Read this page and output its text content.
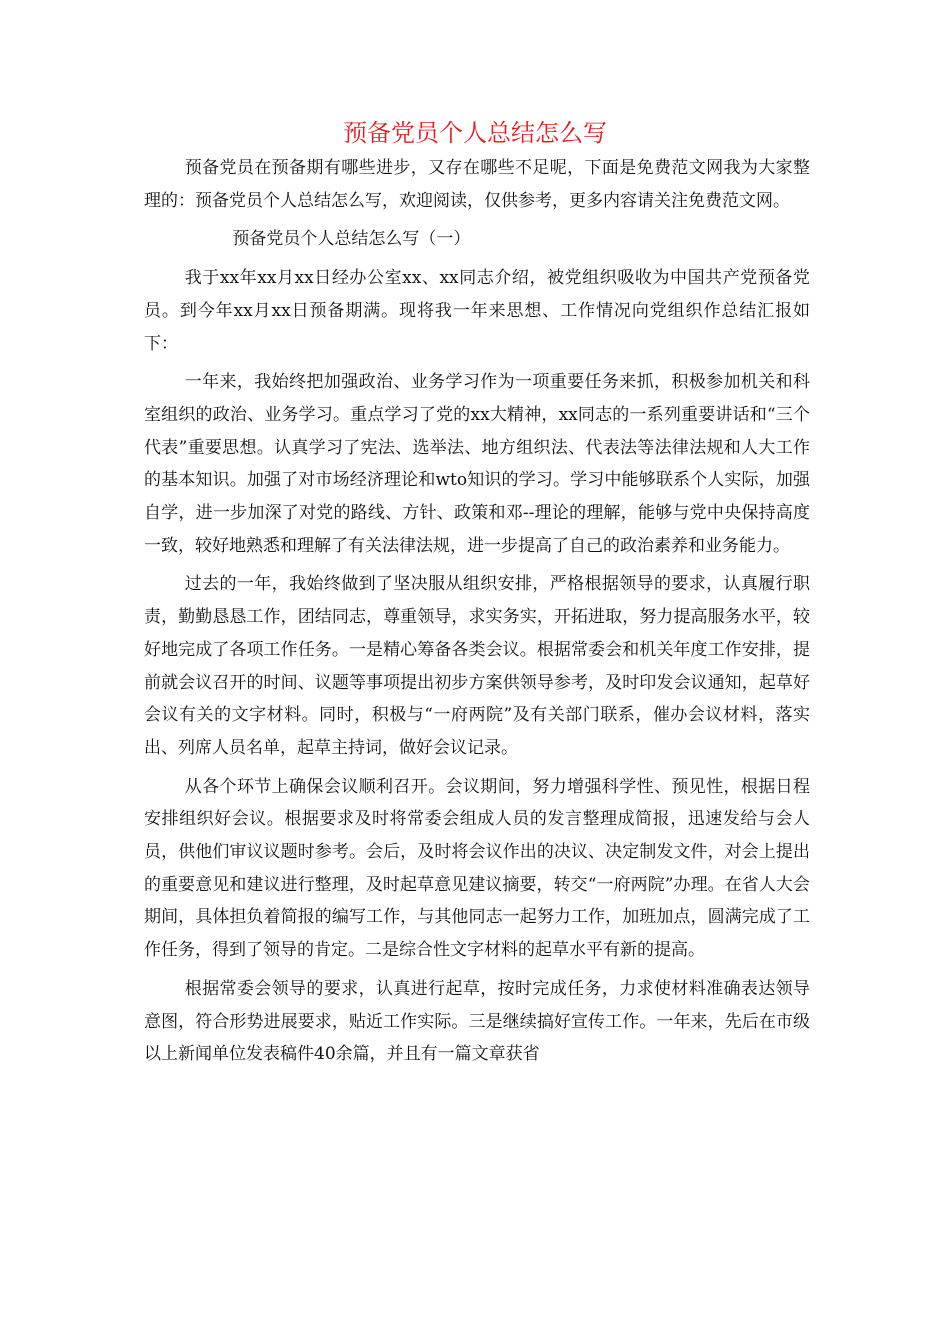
预备党员个人总结怎么写

预备党员在预备期有哪些进步，又存在哪些不足呢，下面是免费范文网我为大家整理的：预备党员个人总结怎么写，欢迎阅读，仅供参考，更多内容请关注免费范文网。

预备党员个人总结怎么写（一）

我于xx年xx月xx日经办公室xx、xx同志介绍，被党组织吸收为中国共产党预备党员。到今年xx月xx日预备期满。现将我一年来思想、工作情况向党组织作总结汇报如下：

一年来，我始终把加强政治、业务学习作为一项重要任务来抓，积极参加机关和科室组织的政治、业务学习。重点学习了党的xx大精神，xx同志的一系列重要讲话和“三个代表”重要思想。认真学习了宪法、选举法、地方组织法、代表法等法律法规和人大工作的基本知识。加强了对市场经济理论和wto知识的学习。学习中能够联系个人实际，加强自学，进一步加深了对党的路线、方针、政策和邓--理论的理解，能够与党中央保持高度一致，较好地熟悉和理解了有关法律法规，进一步提高了自己的政治素养和业务能力。

过去的一年，我始终做到了坚决服从组织安排，严格根据领导的要求，认真履行职责，勤勤恳恳工作，团结同志，尊重领导，求实务实，开拓进取，努力提高服务水平，较好地完成了各项工作任务。一是精心筹备各类会议。根据常委会和机关年度工作安排，提前就会议召开的时间、议题等事项提出初步方案供领导参考，及时印发会议通知，起草好会议有关的文字材料。同时，积极与“一府两院”及有关部门联系，催办会议材料，落实出、列席人员名单，起草主持词，做好会议记录。

从各个环节上确保会议顺利召开。会议期间，努力增强科学性、预见性，根据日程安排组织好会议。根据要求及时将常委会组成人员的发言整理成简报，迅速发给与会人员，供他们审议议题时参考。会后，及时将会议作出的决议、决定制发文件，对会上提出的重要意见和建议进行整理，及时起草意见建议摘要，转交“一府两院”办理。在省人大会期间，具体担负着简报的编写工作，与其他同志一起努力工作，加班加点，圆满完成了工作任务，得到了领导的肯定。二是综合性文字材料的起草水平有新的提高。

根据常委会领导的要求，认真进行起草，按时完成任务，力求使材料准确表达领导意图，符合形势进展要求，贴近工作实际。三是继续搞好宣传工作。一年来，先后在市级以上新闻单位发表稿件40余篇，并且有一篇文章获省
